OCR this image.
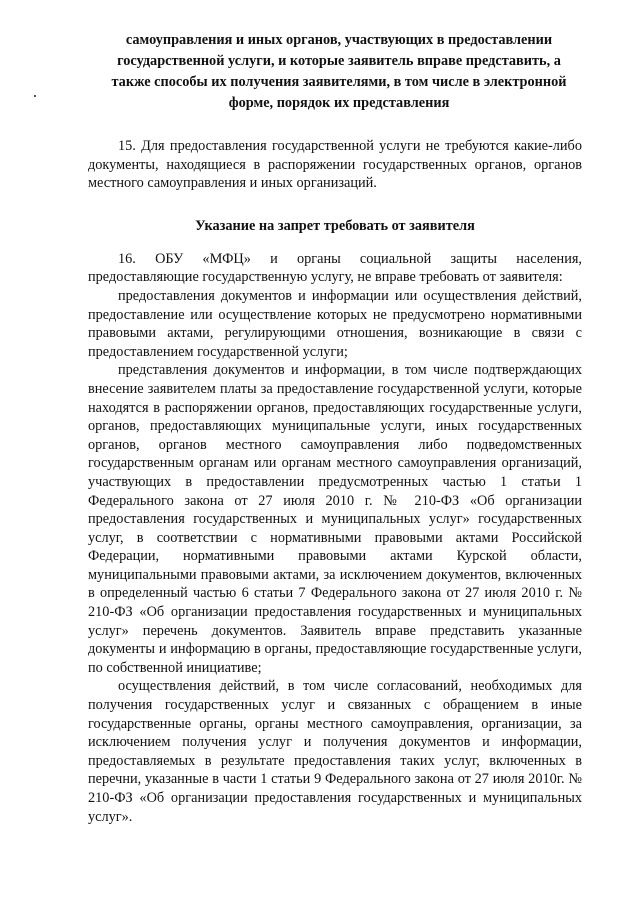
самоуправления и иных органов, участвующих в предоставлении государственной услуги, и которые заявитель вправе представить, а также способы их получения заявителями, в том числе в электронной форме, порядок их представления

15. Для предоставления государственной услуги не требуются какие-либо документы, находящиеся в распоряжении государственных органов, органов местного самоуправления и иных организаций.

Указание на запрет требовать от заявителя

16. ОБУ «МФЦ» и органы социальной защиты населения, предоставляющие государственную услугу, не вправе требовать от заявителя:

предоставления документов и информации или осуществления действий, предоставление или осуществление которых не предусмотрено нормативными правовыми актами, регулирующими отношения, возникающие в связи с предоставлением государственной услуги;

представления документов и информации, в том числе подтверждающих внесение заявителем платы за предоставление государственной услуги, которые находятся в распоряжении органов, предоставляющих государственные услуги, органов, предоставляющих муниципальные услуги, иных государственных органов, органов местного самоуправления либо подведомственных государственным органам или органам местного самоуправления организаций, участвующих в предоставлении предусмотренных частью 1 статьи 1 Федерального закона от 27 июля 2010 г. № 210-ФЗ «Об организации предоставления государственных и муниципальных услуг» государственных услуг, в соответствии с нормативными правовыми актами Российской Федерации, нормативными правовыми актами Курской области, муниципальными правовыми актами, за исключением документов, включенных в определенный частью 6 статьи 7 Федерального закона от 27 июля 2010 г. № 210-ФЗ «Об организации предоставления государственных и муниципальных услуг» перечень документов. Заявитель вправе представить указанные документы и информацию в органы, предоставляющие государственные услуги, по собственной инициативе;

осуществления действий, в том числе согласований, необходимых для получения государственных услуг и связанных с обращением в иные государственные органы, органы местного самоуправления, организации, за исключением получения услуг и получения документов и информации, предоставляемых в результате предоставления таких услуг, включенных в перечни, указанные в части 1 статьи 9 Федерального закона от 27 июля 2010г. № 210-ФЗ «Об организации предоставления государственных и муниципальных услуг».
